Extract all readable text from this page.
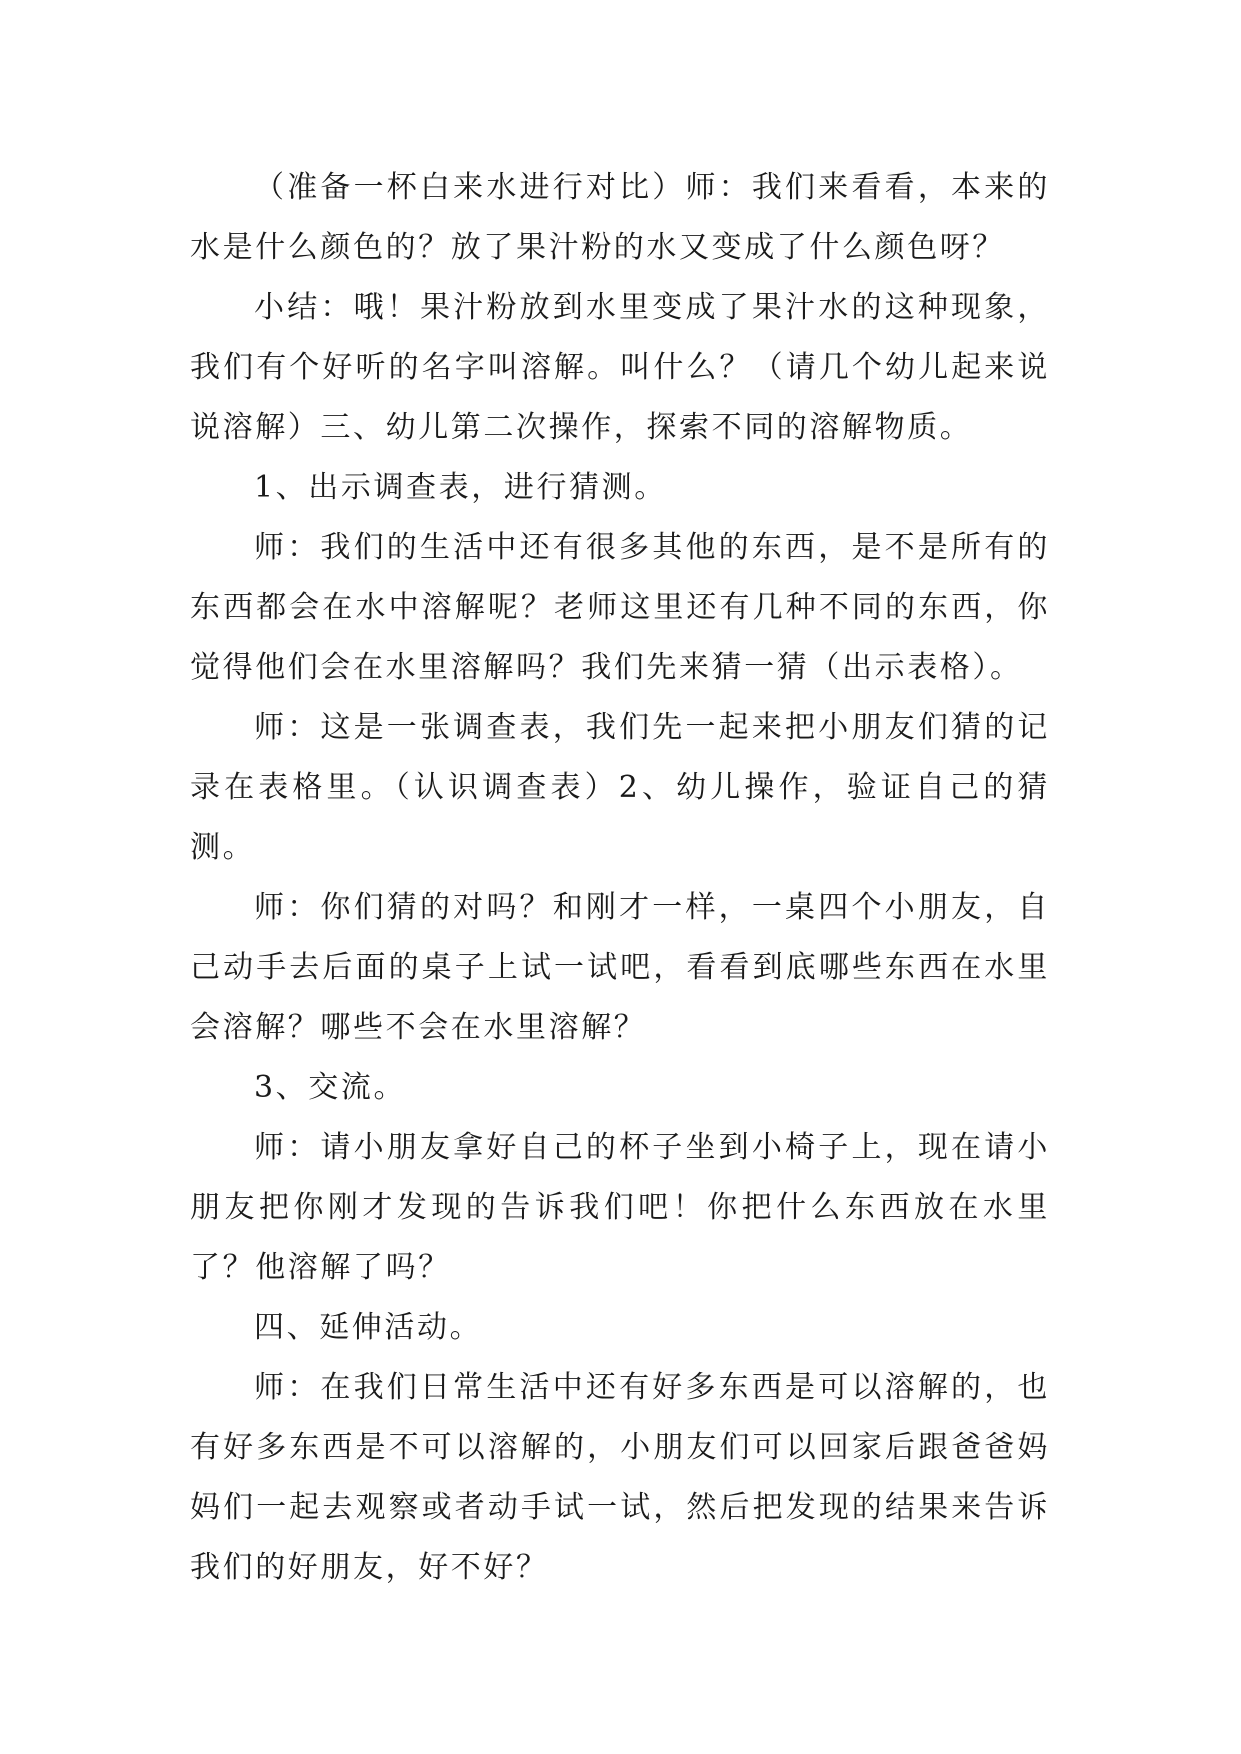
（准备一杯白来水进行对比）师：我们来看看，本来的水是什么颜色的？放了果汁粉的水又变成了什么颜色呀？

小结：哦！果汁粉放到水里变成了果汁水的这种现象，我们有个好听的名字叫溶解。叫什么？（请几个幼儿起来说说溶解）三、幼儿第二次操作，探索不同的溶解物质。

1、出示调查表，进行猜测。

师：我们的生活中还有很多其他的东西，是不是所有的东西都会在水中溶解呢？老师这里还有几种不同的东西，你觉得他们会在水里溶解吗？我们先来猜一猜（出示表格）。

师：这是一张调查表，我们先一起来把小朋友们猜的记录在表格里。（认识调查表）2、幼儿操作，验证自己的猜测。

师：你们猜的对吗？和刚才一样，一桌四个小朋友，自己动手去后面的桌子上试一试吧，看看到底哪些东西在水里会溶解？哪些不会在水里溶解？

3、交流。

师：请小朋友拿好自己的杯子坐到小椅子上，现在请小朋友把你刚才发现的告诉我们吧！你把什么东西放在水里了？他溶解了吗？

四、延伸活动。

师：在我们日常生活中还有好多东西是可以溶解的，也有好多东西是不可以溶解的，小朋友们可以回家后跟爸爸妈妈们一起去观察或者动手试一试，然后把发现的结果来告诉我们的好朋友，好不好？
